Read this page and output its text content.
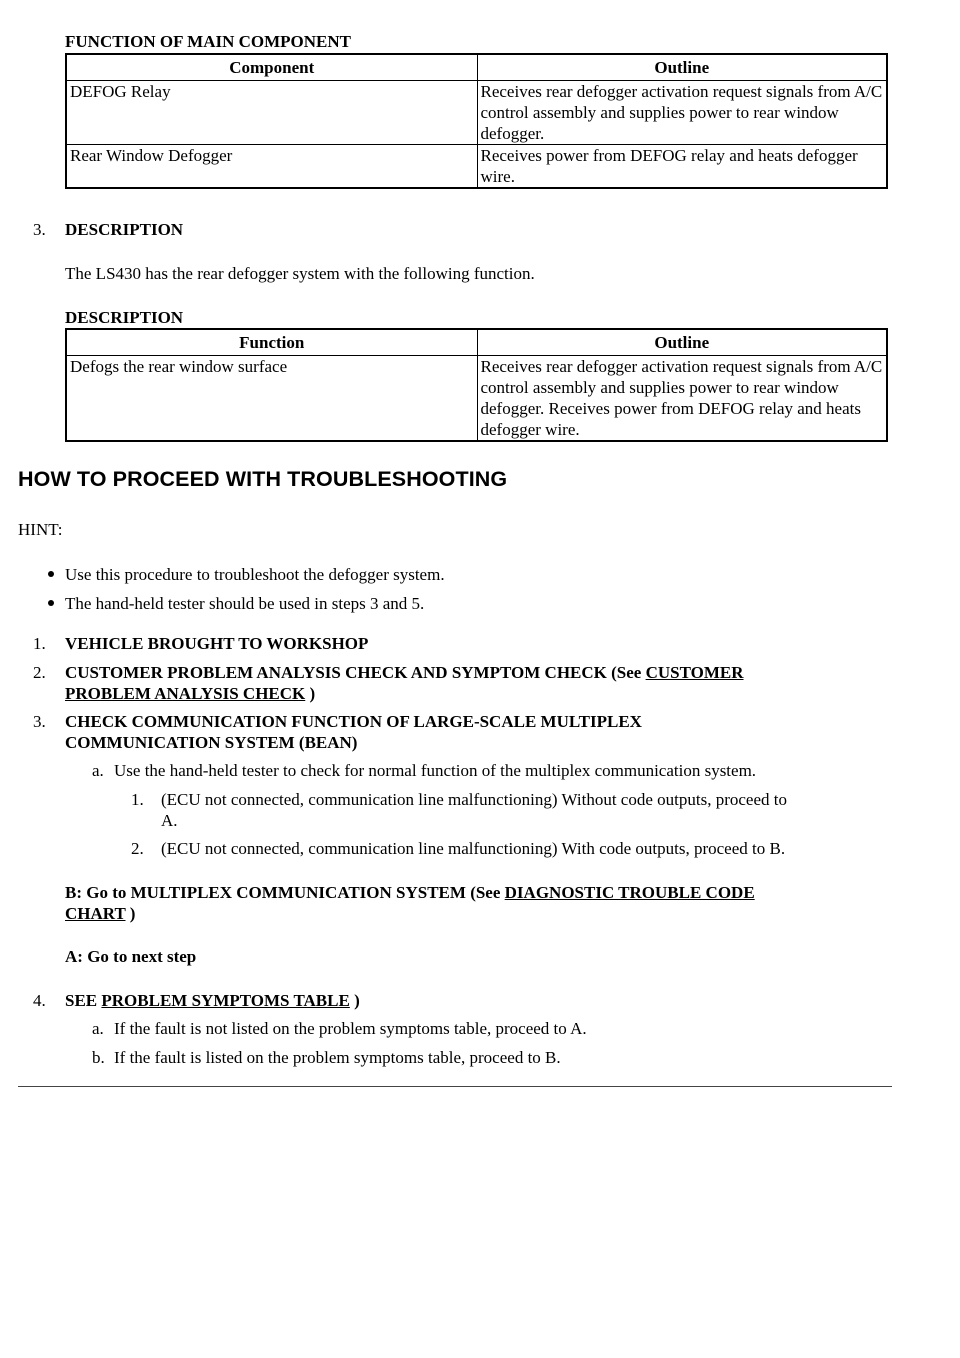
FUNCTION OF MAIN COMPONENT
Component	Outline
DEFOG Relay	Receives rear defogger activation request signals from A/C control assembly and supplies power to rear window defogger.
Rear Window Defogger	Receives power from DEFOG relay and heats defogger wire.
3. DESCRIPTION
The LS430 has the rear defogger system with the following function.
DESCRIPTION
Function	Outline
Defogs the rear window surface	Receives rear defogger activation request signals from A/C control assembly and supplies power to rear window defogger. Receives power from DEFOG relay and heats defogger wire.
HOW TO PROCEED WITH TROUBLESHOOTING
HINT:
Use this procedure to troubleshoot the defogger system.
The hand-held tester should be used in steps 3 and 5.
1. VEHICLE BROUGHT TO WORKSHOP
2. CUSTOMER PROBLEM ANALYSIS CHECK AND SYMPTOM CHECK (See CUSTOMER
PROBLEM ANALYSIS CHECK )
3. CHECK COMMUNICATION FUNCTION OF LARGE-SCALE MULTIPLEX
COMMUNICATION SYSTEM (BEAN)
a. Use the hand-held tester to check for normal function of the multiplex communication system.
1. (ECU not connected, communication line malfunctioning) Without code outputs, proceed to
A.
2. (ECU not connected, communication line malfunctioning) With code outputs, proceed to B.
B: Go to MULTIPLEX COMMUNICATION SYSTEM (See DIAGNOSTIC TROUBLE CODE
CHART )
A: Go to next step
4. SEE PROBLEM SYMPTOMS TABLE )
a. If the fault is not listed on the problem symptoms table, proceed to A.
b. If the fault is listed on the problem symptoms table, proceed to B.
